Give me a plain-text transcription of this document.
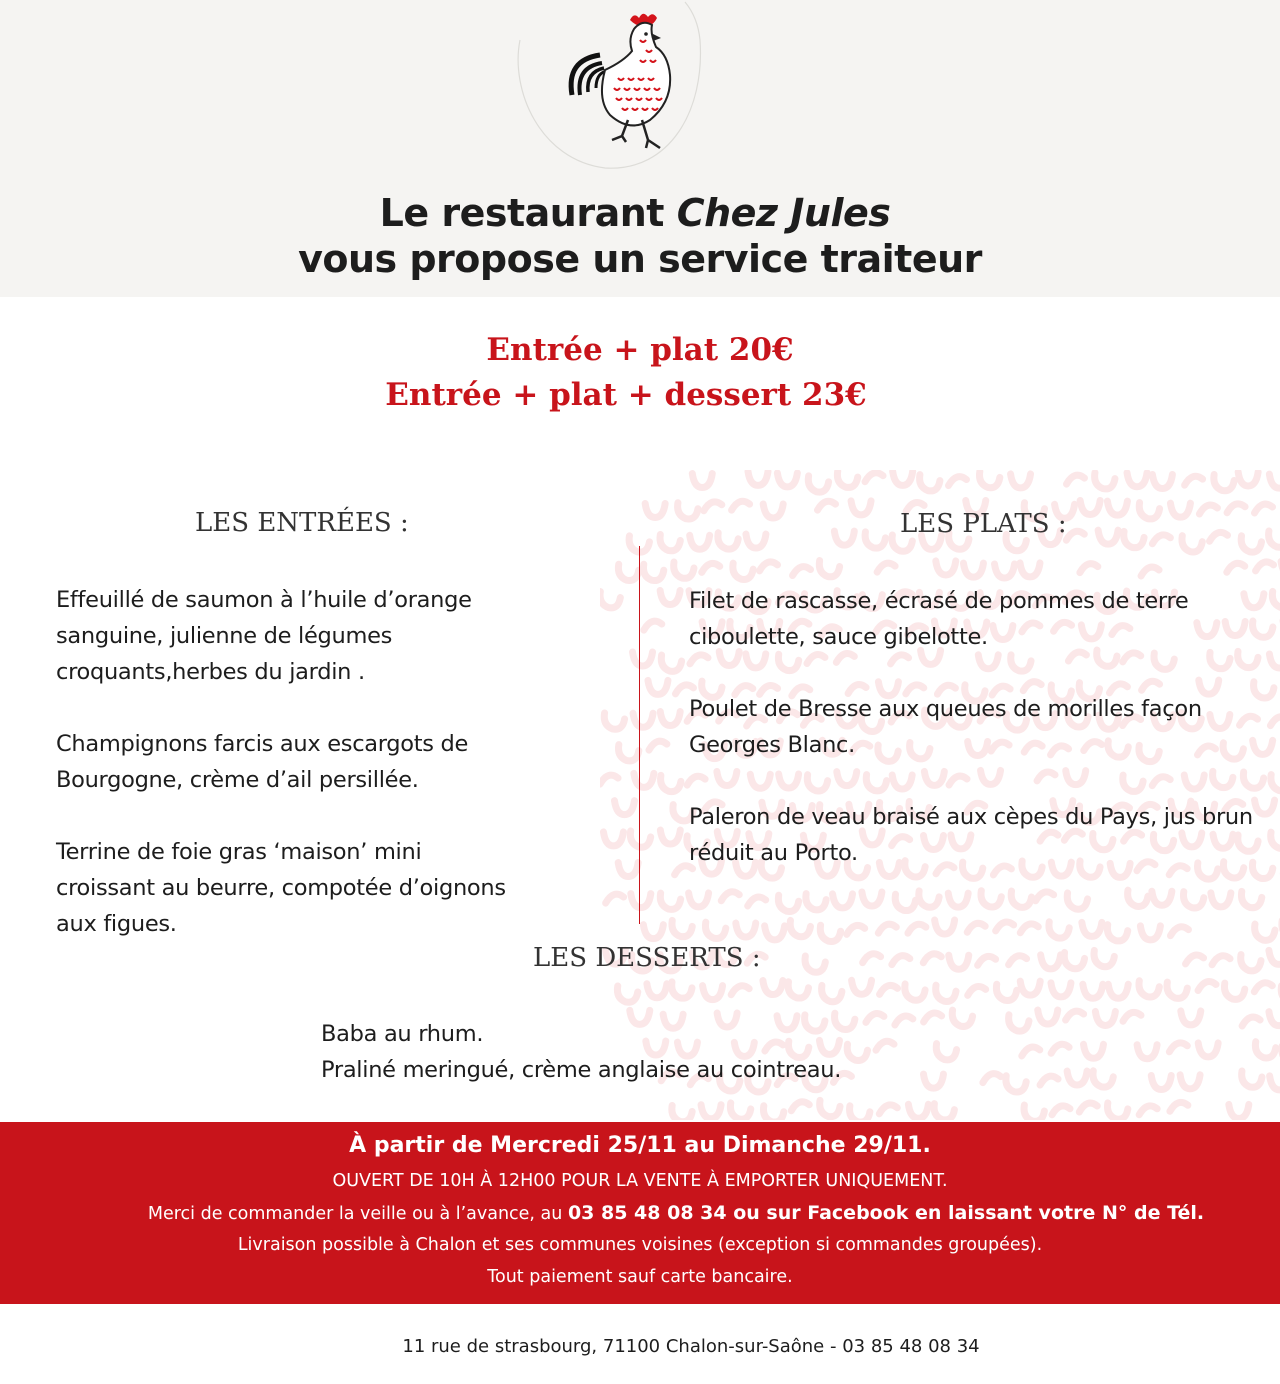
Le restaurant Chez Jules
vous propose un service traiteur
Entrée + plat 20€
Entrée + plat + dessert 23€
LES ENTRÉES :	LES PLATS :

Effeuillé de saumon à l’huile d’orange sanguine, julienne de légumes croquants,herbes du jardin .

Champignons farcis aux escargots de Bourgogne, crème d’ail persillée.

Terrine de foie gras ‘maison’ mini croissant au beurre, compotée d’oignons aux figues.

Filet de rascasse, écrasé de pommes de terre ciboulette, sauce gibelotte.

Poulet de Bresse aux queues de morilles façon Georges Blanc.

Paleron de veau braisé aux cèpes du Pays, jus brun réduit au Porto.

LES DESSERTS :
Baba au rhum.
Praliné meringué, crème anglaise au cointreau.
À partir de Mercredi 25/11 au Dimanche 29/11.
OUVERT DE 10H À 12H00 POUR LA VENTE À EMPORTER UNIQUEMENT.
Merci de commander la veille ou à l’avance, au 03 85 48 08 34 ou sur Facebook en laissant votre N° de Tél.
Livraison possible à Chalon et ses communes voisines (exception si commandes groupées).
Tout paiement sauf carte bancaire.
11 rue de strasbourg, 71100 Chalon-sur-Saône - 03 85 48 08 34
